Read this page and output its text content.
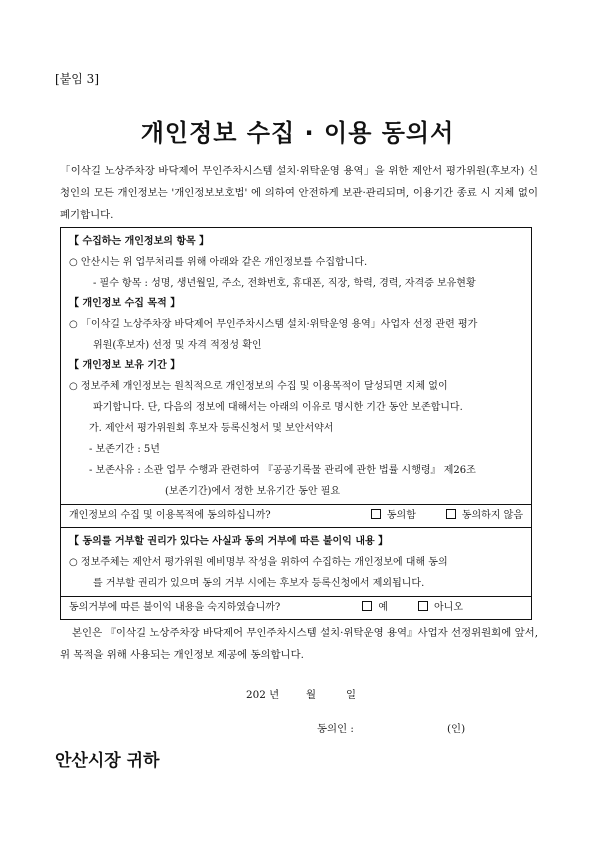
[붙임 3]
개인정보 수집 · 이용 동의서

「이삭길 노상주차장 바닥제어 무인주차시스템 설치·위탁운영 용역」을 위한 제안서 평가위원(후보자) 신청인의 모든 개인정보는 '개인정보보호법' 에 의하여 안전하게 보관·관리되며, 이용기간 종료 시 지체 없이 폐기합니다.

【 수집하는 개인정보의 항목 】
○ 안산시는 위 업무처리를 위해 아래와 같은 개인정보를 수집합니다.
- 필수 항목 : 성명, 생년월일, 주소, 전화번호, 휴대폰, 직장, 학력, 경력, 자격증 보유현황
【 개인정보 수집 목적 】
○ 「이삭길 노상주차장 바닥제어 무인주차시스템 설치·위탁운영 용역」사업자 선정 관련 평가
위원(후보자) 선정 및 자격 적정성 확인
【 개인정보 보유 기간 】
○ 정보주체 개인정보는 원칙적으로 개인정보의 수집 및 이용목적이 달성되면 지체 없이
파기합니다. 단, 다음의 정보에 대해서는 아래의 이유로 명시한 기간 동안 보존합니다.
가. 제안서 평가위원회 후보자 등록신청서 및 보안서약서
- 보존기간 : 5년
- 보존사유 : 소관 업무 수행과 관련하여 『공공기록물 관리에 관한 법률 시행령』 제26조
(보존기간)에서 정한 보유기간 동안 필요
개인정보의 수집 및 이용목적에 동의하십니까?	동의함	동의하지 않음
【 동의를 거부할 권리가 있다는 사실과 동의 거부에 따른 불이익 내용 】
○ 정보주체는 제안서 평가위원 예비명부 작성을 위하여 수집하는 개인정보에 대해 동의
를 거부할 권리가 있으며 동의 거부 시에는 후보자 등록신청에서 제외됩니다.
동의거부에 따른 불이익 내용을 숙지하였습니까?	예	아니오

본인은 『이삭길 노상주차장 바닥제어 무인주차시스템 설치·위탁운영 용역』사업자 선정위원회에 앞서, 위 목적을 위해 사용되는 개인정보 제공에 동의합니다.

202 년	월	일
동의인 :	(인)
안산시장 귀하
